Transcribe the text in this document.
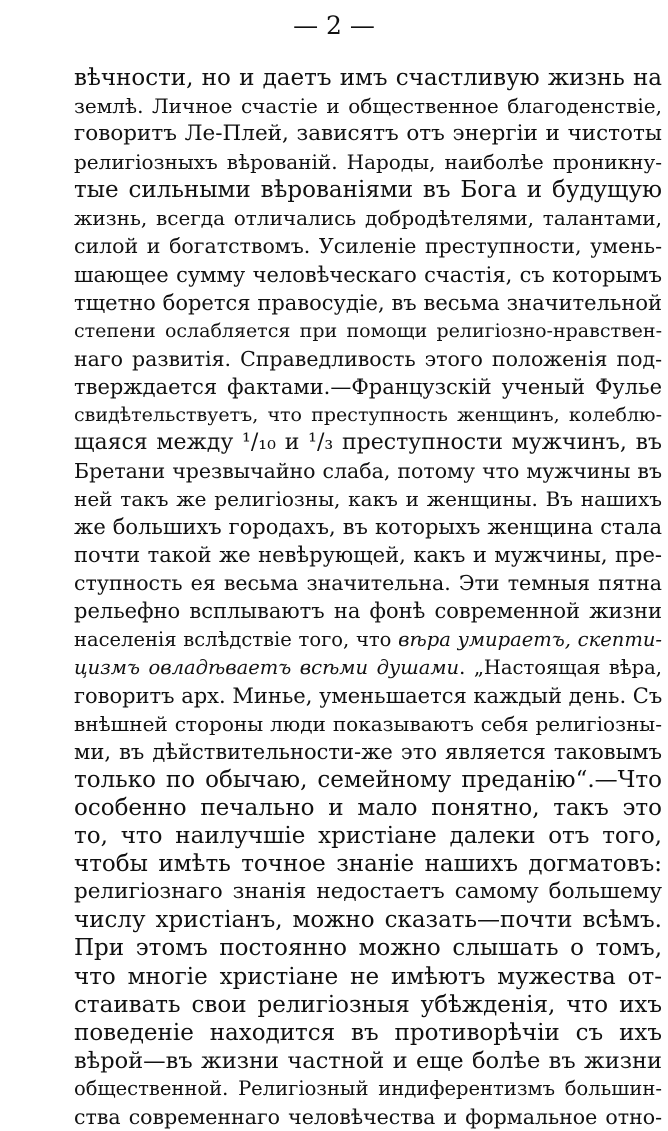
— 2 —
вѣчности, но и даетъ имъ счастливую жизнь на
землѣ. Личное счастіе и общественное благоденствіе,
говоритъ Ле-Плей, зависятъ отъ энергіи и чистоты
религіозныхъ вѣрованій. Народы, наиболѣе проникну-
тые сильными вѣрованіями въ Бога и будущую
жизнь, всегда отличались добродѣтелями, талантами,
силой и богатствомъ. Усиленіе преступности, умень-
шающее сумму человѣческаго счастія, съ которымъ
тщетно борется правосудіе, въ весьма значительной
степени ослабляется при помощи религіозно-нравствен-
наго развитія. Справедливость этого положенія под-
тверждается фактами.—Французскій ученый Фульe
свидѣтельствуетъ, что преступность женщинъ, колеблю-
щаяся между ¹/₁₀ и ¹/₃ преступности мужчинъ, въ
Бретани чрезвычайно слаба, потому что мужчины въ
ней такъ же религіозны, какъ и женщины. Въ нашихъ
же большихъ городахъ, въ которыхъ женщина стала
почти такой же невѣрующей, какъ и мужчины, пре-
ступность ея весьма значительна. Эти темныя пятна
рельефно всплываютъ на фонѣ современной жизни
населенія вслѣдствіе того, что вѣра умираетъ, скепти-
цизмъ овладѣваетъ всѣми душами. „Настоящая вѣра,
говоритъ арх. Минье, уменьшается каждый день. Съ
внѣшней стороны люди показываютъ себя религіозны-
ми, въ дѣйствительности-же это является таковымъ
только по обычаю, семейному преданію“.—Что
особенно печально и мало понятно, такъ это
то, что наилучшіе христіане далеки отъ того,
чтобы имѣть точное знаніе нашихъ догматовъ:
религіознаго знанія недостаетъ самому большему
числу христіанъ, можно сказать—почти всѣмъ.
При этомъ постоянно можно слышать о томъ,
что многіе христіане не имѣютъ мужества от-
стаивать свои религіозныя убѣжденія, что ихъ
поведеніе находится въ противорѣчіи съ ихъ
вѣрой—въ жизни частной и еще болѣе въ жизни
общественной. Религіозный индиферентизмъ большин-
ства современнаго человѣчества и формальное отно-
